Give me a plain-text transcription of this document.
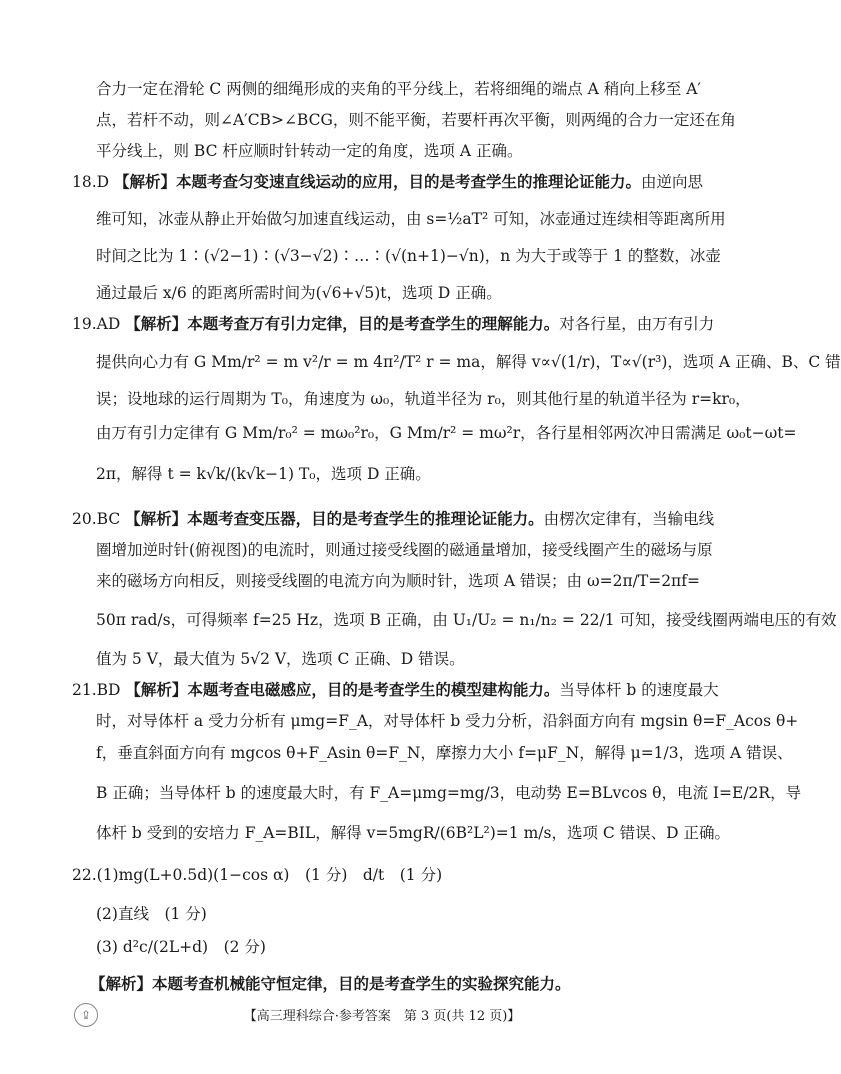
合力一定在滑轮 C 两侧的细绳形成的夹角的平分线上，若将细绳的端点 A 稍向上移至 A′
点，若杆不动，则∠A′CB>∠BCG，则不能平衡，若要杆再次平衡，则两绳的合力一定还在角
平分线上，则 BC 杆应顺时针转动一定的角度，选项 A 正确。
18.D 【解析】本题考查匀变速直线运动的应用，目的是考查学生的推理论证能力。由逆向思
维可知，冰壶从静止开始做匀加速直线运动，由 s=½aT² 可知，冰壶通过连续相等距离所用
时间之比为 1∶(√2−1)∶(√3−√2)∶…∶(√(n+1)−√n)，n 为大于或等于 1 的整数，冰壶
通过最后 x/6 的距离所需时间为(√6+√5)t，选项 D 正确。
19.AD 【解析】本题考查万有引力定律，目的是考查学生的理解能力。对各行星，由万有引力
提供向心力有 G Mm/r² = m v²/r = m 4π²/T² r = ma，解得 v∝√(1/r)，T∝√(r³)，选项 A 正确、B、C 错
误；设地球的运行周期为 T₀，角速度为 ω₀，轨道半径为 r₀，则其他行星的轨道半径为 r=kr₀，
由万有引力定律有 G Mm/r₀² = mω₀²r₀，G Mm/r² = mω²r，各行星相邻两次冲日需满足 ω₀t−ωt=
2π，解得 t = k√k/(k√k−1) T₀，选项 D 正确。
20.BC 【解析】本题考查变压器，目的是考查学生的推理论证能力。由楞次定律有，当输电线
圈增加逆时针(俯视图)的电流时，则通过接受线圈的磁通量增加，接受线圈产生的磁场与原
来的磁场方向相反，则接受线圈的电流方向为顺时针，选项 A 错误；由 ω=2π/T=2πf=
50π rad/s，可得频率 f=25 Hz，选项 B 正确，由 U₁/U₂ = n₁/n₂ = 22/1 可知，接受线圈两端电压的有效
值为 5 V，最大值为 5√2 V，选项 C 正确、D 错误。
21.BD 【解析】本题考查电磁感应，目的是考查学生的模型建构能力。当导体杆 b 的速度最大
时，对导体杆 a 受力分析有 μmg=F_A，对导体杆 b 受力分析，沿斜面方向有 mgsin θ=F_Acos θ+
f，垂直斜面方向有 mgcos θ+F_Asin θ=F_N，摩擦力大小 f=μF_N，解得 μ=1/3，选项 A 错误、
B 正确；当导体杆 b 的速度最大时，有 F_A=μmg=mg/3，电动势 E=BLvcos θ，电流 I=E/2R，导
体杆 b 受到的安培力 F_A=BIL，解得 v=5mgR/(6B²L²)=1 m/s，选项 C 错误、D 正确。
22.(1)mg(L+0.5d)(1−cos α)　(1 分)　d/t　(1 分)
(2)直线　(1 分)
(3) d²c/(2L+d)　(2 分)
【解析】本题考查机械能守恒定律，目的是考查学生的实验探究能力。
⇪	【高三理科综合·参考答案　第 3 页(共 12 页)】
